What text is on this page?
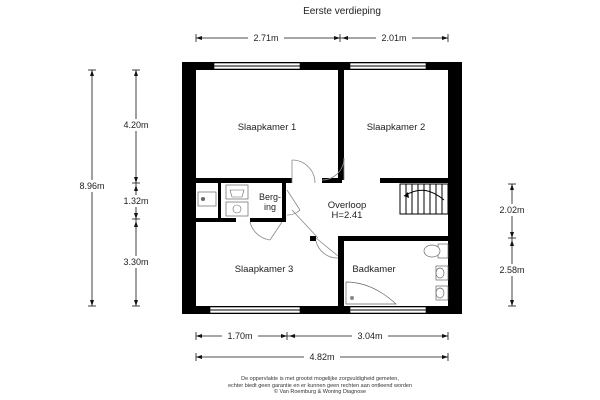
Eerste verdieping
2.71m	2.01m
8.96m
4.20m
1.32m
3.30m
2.02m
2.58m
1.70m	3.04m
4.82m
Slaapkamer 1	Slaapkamer 2
Slaapkamer 3
Berg-
ing	Overloop
H=2.41
Badkamer
De oppervlakte is met grootst mogelijke zorgvuldigheid gemeten,
echter biedt geen garantie en er kunnen geen rechten aan ontleend worden
© Van Roemburg & Woning Diagnose
